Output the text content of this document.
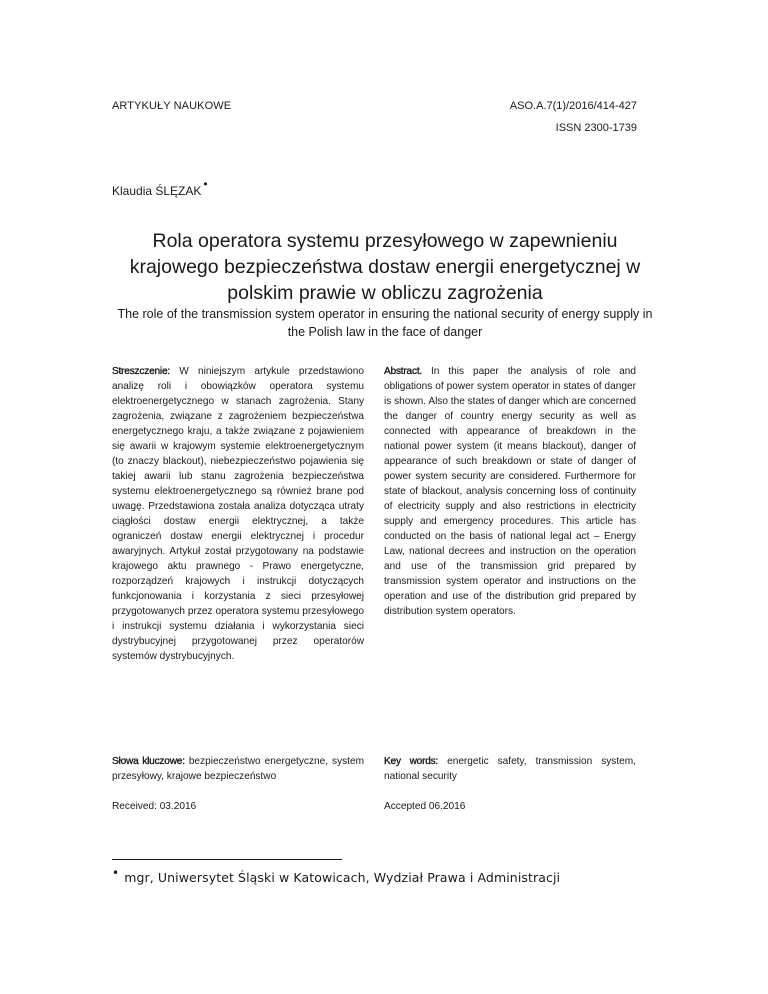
ARTYKUŁY NAUKOWE	ASO.A.7(1)/2016/414-427
ISSN 2300-1739
Klaudia ŚLĘZAK •
Rola operatora systemu przesyłowego w zapewnieniu krajowego bezpieczeństwa dostaw energii energetycznej w polskim prawie w obliczu zagrożenia
The role of the transmission system operator in ensuring the national security of energy supply in the Polish law in the face of danger
Streszczenie: W niniejszym artykule przedstawiono analizę roli i obowiązków operatora systemu elektroenergetycznego w stanach zagrożenia. Stany zagrożenia, związane z zagrożeniem bezpieczeństwa energetycznego kraju, a także związane z pojawieniem się awarii w krajowym systemie elektroenergetycznym (to znaczy blackout), niebezpieczeństwo pojawienia się takiej awarii lub stanu zagrożenia bezpieczeństwa systemu elektroenergetycznego są również brane pod uwagę. Przedstawiona została analiza dotycząca utraty ciągłości dostaw energii elektrycznej, a także ograniczeń dostaw energii elektrycznej i procedur awaryjnych. Artykuł został przygotowany na podstawie krajowego aktu prawnego - Prawo energetyczne, rozporządzeń krajowych i instrukcji dotyczących funkcjonowania i korzystania z sieci przesyłowej przygotowanych przez operatora systemu przesyłowego i instrukcji systemu działania i wykorzystania sieci dystrybucyjnej przygotowanej przez operatorów systemów dystrybucyjnych.
Abstract. In this paper the analysis of role and obligations of power system operator in states of danger is shown. Also the states of danger which are concerned the danger of country energy security as well as connected with appearance of breakdown in the national power system (it means blackout), danger of appearance of such breakdown or state of danger of power system security are considered. Furthermore for state of blackout, analysis concerning loss of continuity of electricity supply and also restrictions in electricity supply and emergency procedures. This article has conducted on the basis of national legal act – Energy Law, national decrees and instruction on the operation and use of the transmission grid prepared by transmission system operator and instructions on the operation and use of the distribution grid prepared by distribution system operators.
Słowa kluczowe: bezpieczeństwo energetyczne, system przesyłowy, krajowe bezpieczeństwo
Key words: energetic safety, transmission system, national security
Received: 03.2016	Accepted 06.2016
• mgr, Uniwersytet Śląski w Katowicach, Wydział Prawa i Administracji
